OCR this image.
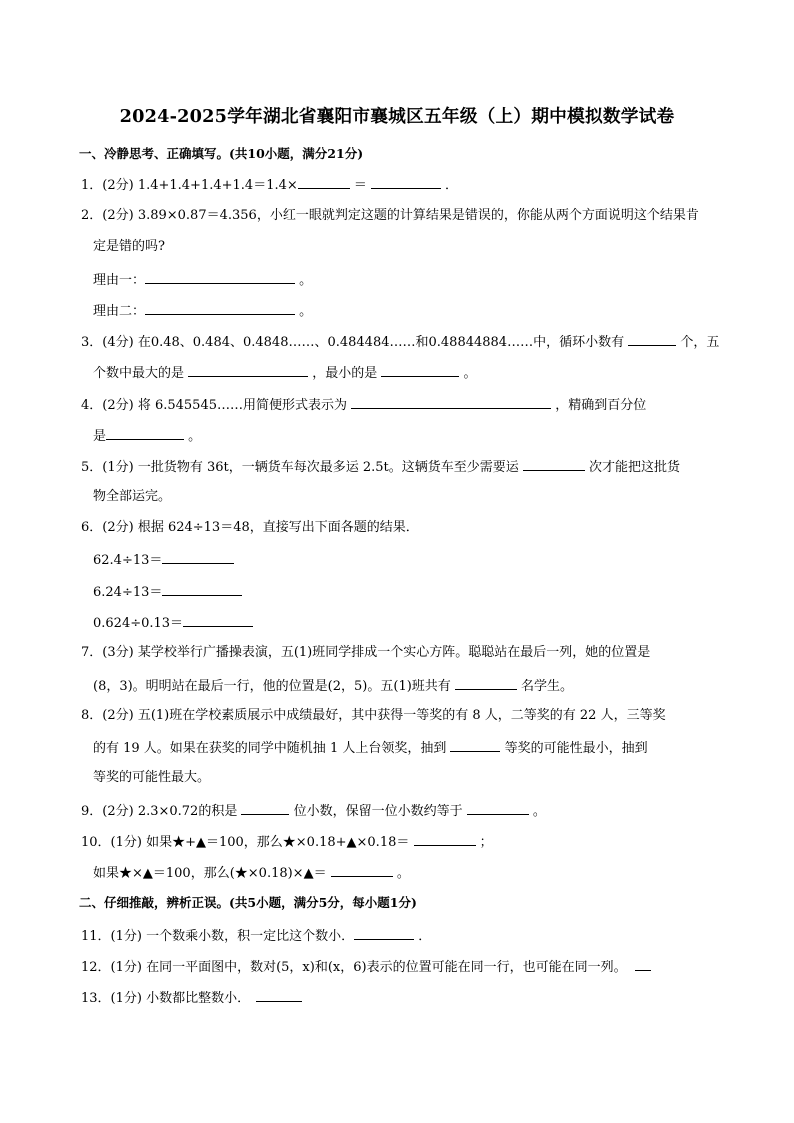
2024-2025学年湖北省襄阳市襄城区五年级（上）期中模拟数学试卷
一、冷静思考、正确填写。(共10小题，满分21分)
1．(2分) 1.4+1.4+1.4+1.4＝1.4×	＝	．
2．(2分) 3.89×0.87＝4.356，小红一眼就判定这题的计算结果是错误的，你能从两个方面说明这个结果肯
定是错的吗?
理由一：	。
理由二：	。
3．(4分) 在0.48、0.484、0.4848……、0.484484……和0.48844884……中，循环小数有	个，五
个数中最大的是	，最小的是	。
4．(2分) 将 6.545545……用简便形式表示为	，精确到百分位
是	。
5．(1分) 一批货物有 36t，一辆货车每次最多运 2.5t。这辆货车至少需要运	次才能把这批货
物全部运完。
6．(2分) 根据 624÷13＝48，直接写出下面各题的结果．
62.4÷13＝
6.24÷13＝
0.624÷0.13＝
7．(3分) 某学校举行广播操表演，五(1)班同学排成一个实心方阵。聪聪站在最后一列，她的位置是
(8，3)。明明站在最后一行，他的位置是(2，5)。五(1)班共有	名学生。
8．(2分) 五(1)班在学校素质展示中成绩最好，其中获得一等奖的有 8 人，二等奖的有 22 人，三等奖
的有 19 人。如果在获奖的同学中随机抽 1 人上台领奖，抽到	等奖的可能性最小，抽到
等奖的可能性最大。
9．(2分) 2.3×0.72的积是	位小数，保留一位小数约等于	。
10．(1分) 如果★+▲＝100，那么★×0.18+▲×0.18＝	；
如果★×▲＝100，那么(★×0.18)×▲＝	。
二、仔细推敲，辨析正误。(共5小题，满分5分，每小题1分)
11．(1分) 一个数乘小数，积一定比这个数小．	．
12．(1分) 在同一平面图中，数对(5，x)和(x，6)表示的位置可能在同一行，也可能在同一列。
13．(1分) 小数都比整数小．
